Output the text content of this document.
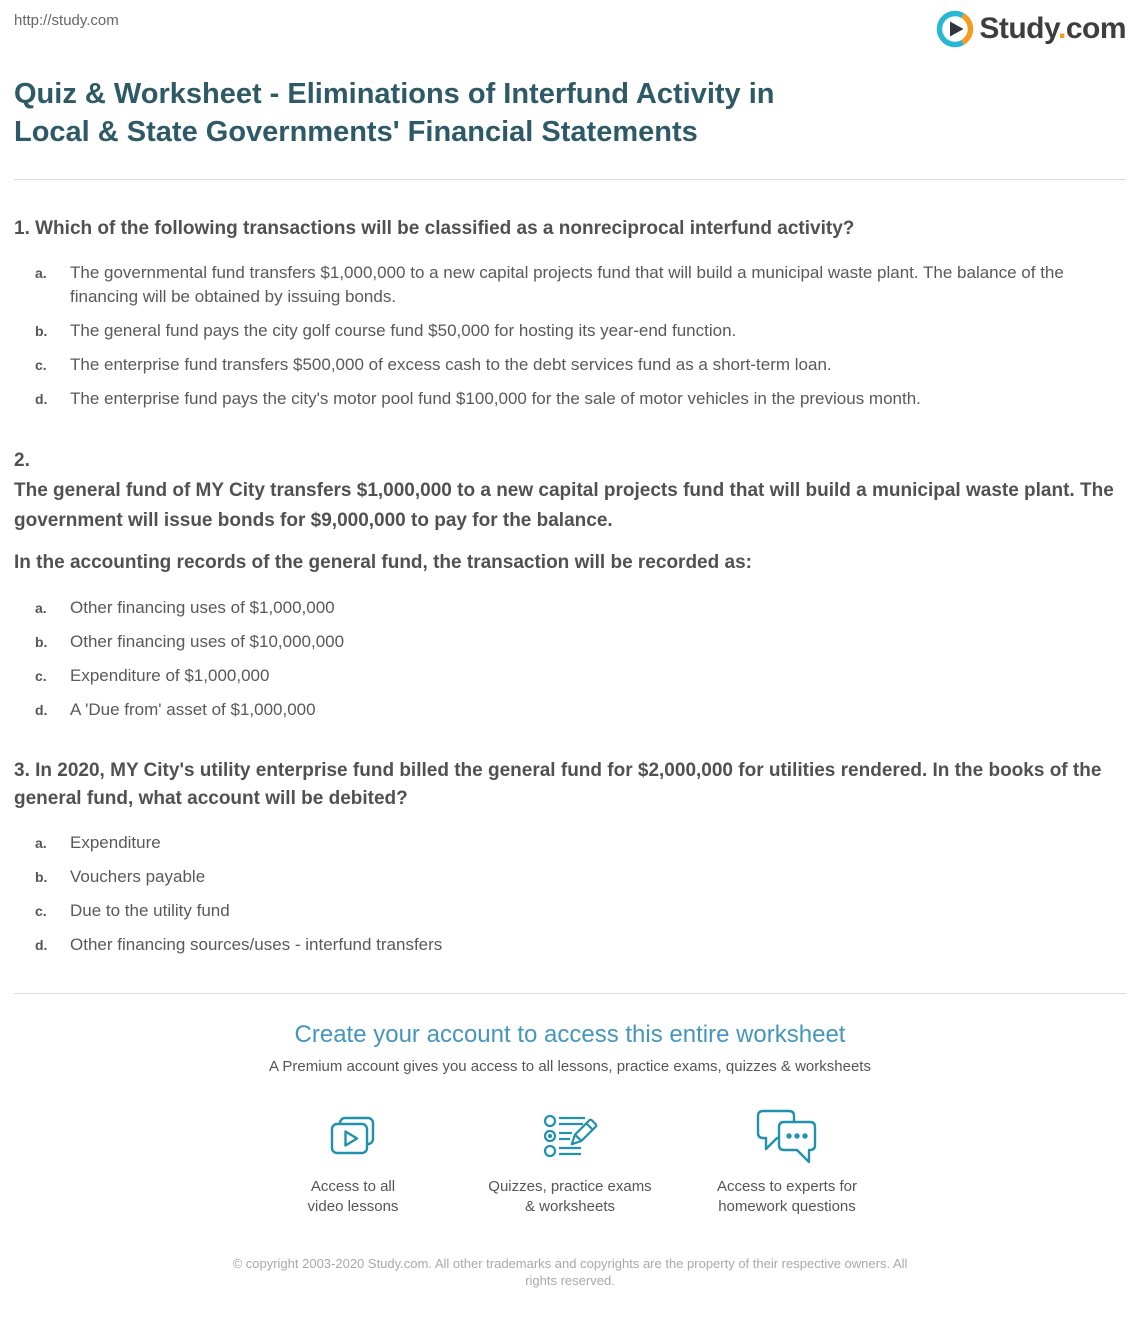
http://study.com	Study.com
Quiz & Worksheet - Eliminations of Interfund Activity in Local & State Governments' Financial Statements

1. Which of the following transactions will be classified as a nonreciprocal interfund activity?

a.	The governmental fund transfers $1,000,000 to a new capital projects fund that will build a municipal waste plant. The balance of the financing will be obtained by issuing bonds.
b.	The general fund pays the city golf course fund $50,000 for hosting its year-end function.
c.	The enterprise fund transfers $500,000 of excess cash to the debt services fund as a short-term loan.
d.	The enterprise fund pays the city's motor pool fund $100,000 for the sale of motor vehicles in the previous month.
2.

The general fund of MY City transfers $1,000,000 to a new capital projects fund that will build a municipal waste plant. The government will issue bonds for $9,000,000 to pay for the balance.

In the accounting records of the general fund, the transaction will be recorded as:

a.	Other financing uses of $1,000,000
b.	Other financing uses of $10,000,000
c.	Expenditure of $1,000,000
d.	A 'Due from' asset of $1,000,000

3. In 2020, MY City's utility enterprise fund billed the general fund for $2,000,000 for utilities rendered. In the books of the general fund, what account will be debited?

a.	Expenditure
b.	Vouchers payable
c.	Due to the utility fund
d.	Other financing sources/uses - interfund transfers
Create your account to access this entire worksheet
A Premium account gives you access to all lessons, practice exams, quizzes & worksheets
Access to all
video lessons
Quizzes, practice exams
& worksheets
Access to experts for
homework questions
© copyright 2003-2020 Study.com. All other trademarks and copyrights are the property of their respective owners. All rights reserved.
